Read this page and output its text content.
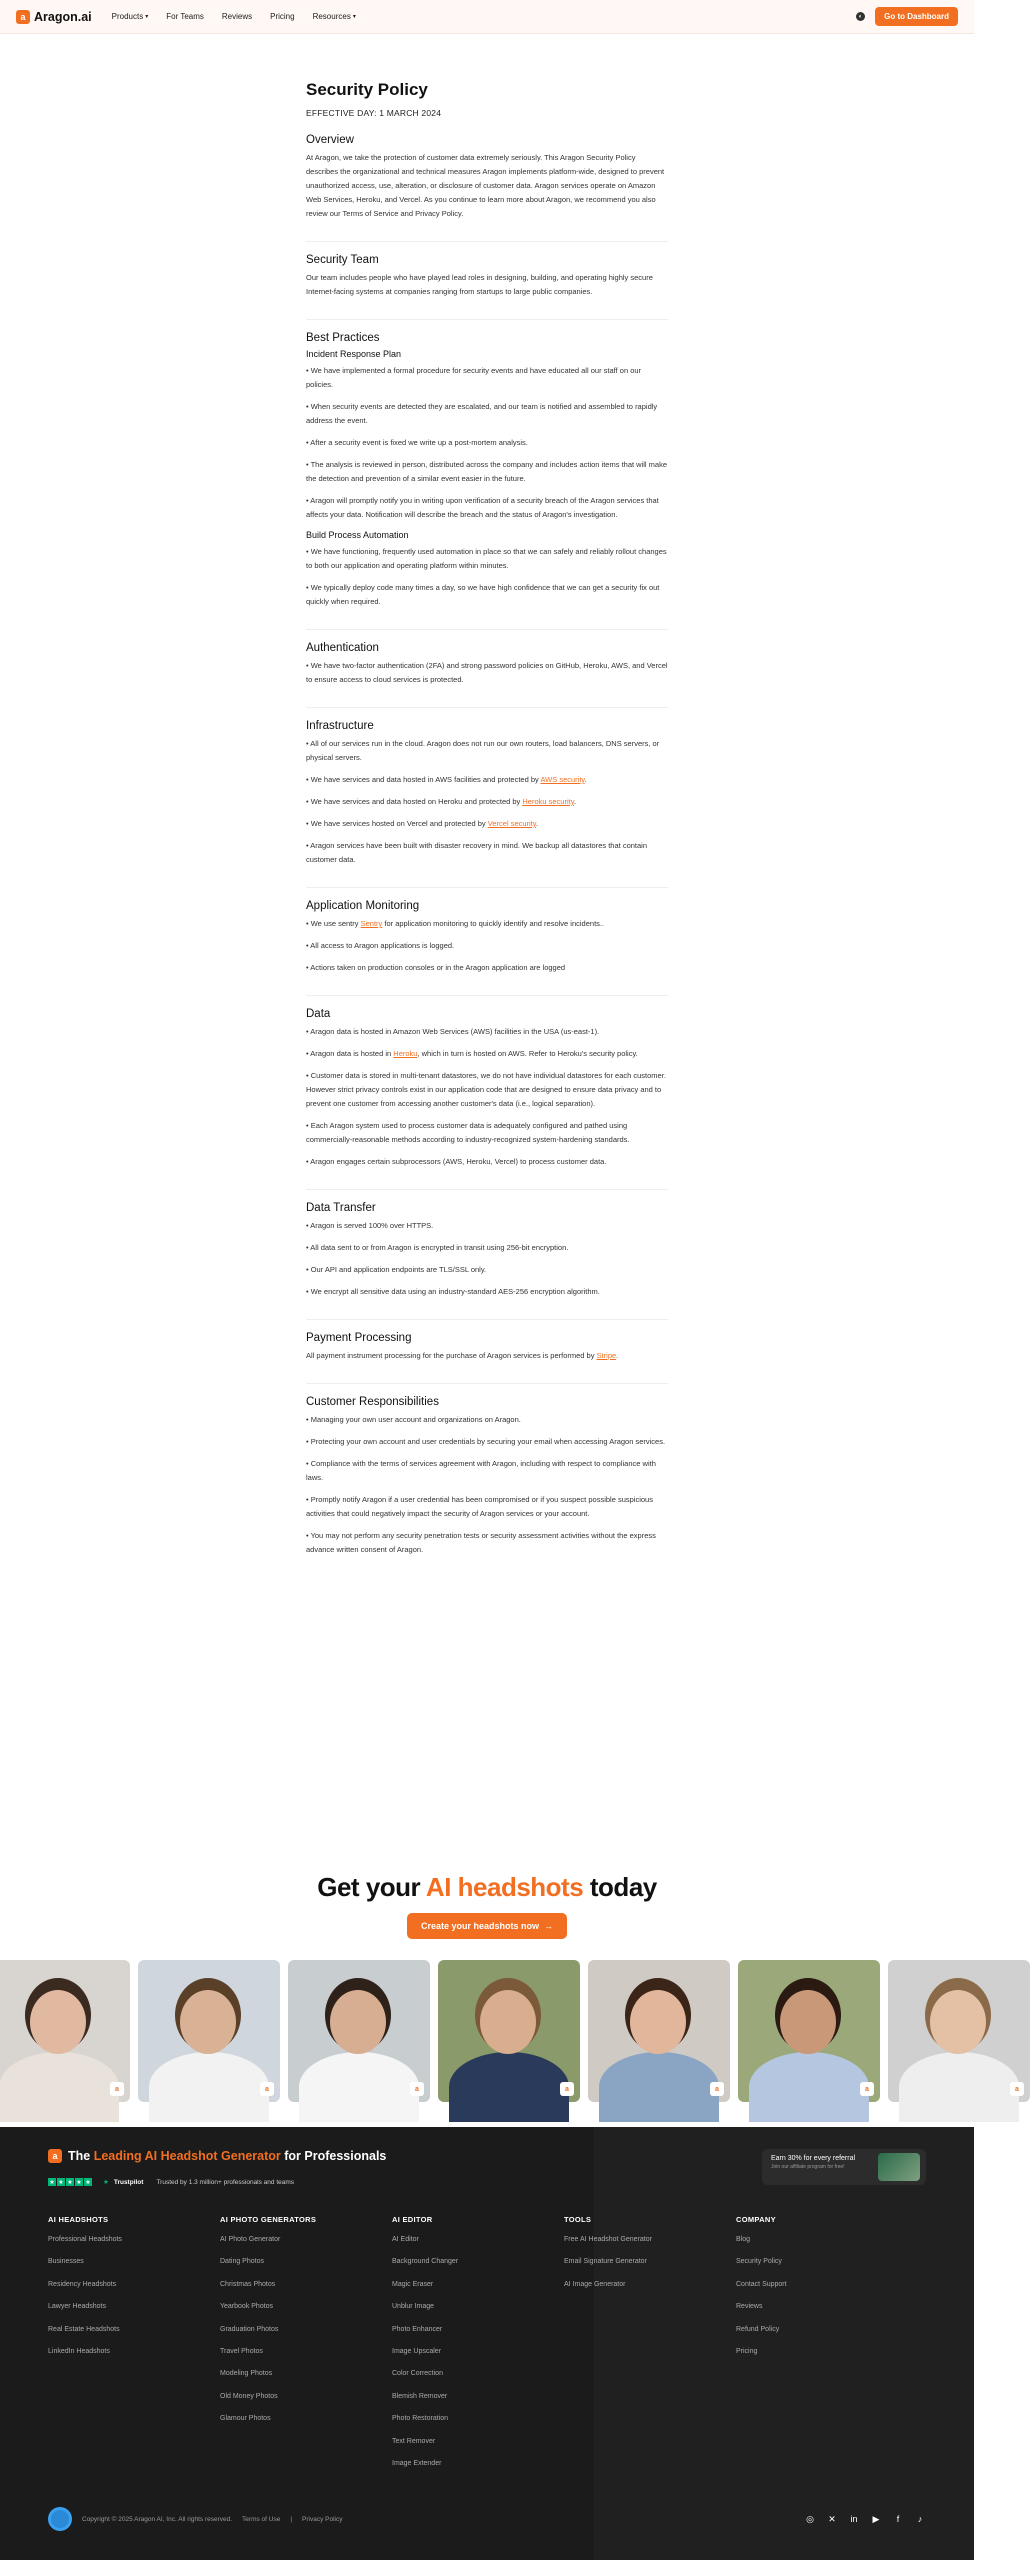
a Aragon.ai	Products ▾ For Teams Reviews Pricing Resources ▾	◐	Go to Dashboard
Security Policy
EFFECTIVE DAY: 1 MARCH 2024
Overview

At Aragon, we take the protection of customer data extremely seriously. This Aragon Security Policy describes the organizational and technical measures Aragon implements platform-wide, designed to prevent unauthorized access, use, alteration, or disclosure of customer data. Aragon services operate on Amazon Web Services, Heroku, and Vercel. As you continue to learn more about Aragon, we recommend you also review our Terms of Service and Privacy Policy.

Security Team

Our team includes people who have played lead roles in designing, building, and operating highly secure Internet-facing systems at companies ranging from startups to large public companies.

Best Practices
Incident Response Plan

• We have implemented a formal procedure for security events and have educated all our staff on our policies.

• When security events are detected they are escalated, and our team is notified and assembled to rapidly address the event.

• After a security event is fixed we write up a post-mortem analysis.

• The analysis is reviewed in person, distributed across the company and includes action items that will make the detection and prevention of a similar event easier in the future.

• Aragon will promptly notify you in writing upon verification of a security breach of the Aragon services that affects your data. Notification will describe the breach and the status of Aragon's investigation.

Build Process Automation

• We have functioning, frequently used automation in place so that we can safely and reliably rollout changes to both our application and operating platform within minutes.

• We typically deploy code many times a day, so we have high confidence that we can get a security fix out quickly when required.

Authentication

• We have two-factor authentication (2FA) and strong password policies on GitHub, Heroku, AWS, and Vercel to ensure access to cloud services is protected.

Infrastructure

• All of our services run in the cloud. Aragon does not run our own routers, load balancers, DNS servers, or physical servers.

• We have services and data hosted in AWS facilities and protected by AWS security.

• We have services and data hosted on Heroku and protected by Heroku security.

• We have services hosted on Vercel and protected by Vercel security.

• Aragon services have been built with disaster recovery in mind. We backup all datastores that contain customer data.

Application Monitoring

• We use sentry Sentry for application monitoring to quickly identify and resolve incidents..

• All access to Aragon applications is logged.

• Actions taken on production consoles or in the Aragon application are logged

Data

• Aragon data is hosted in Amazon Web Services (AWS) facilities in the USA (us-east-1).

• Aragon data is hosted in Heroku, which in turn is hosted on AWS. Refer to Heroku's security policy.

• Customer data is stored in multi-tenant datastores, we do not have individual datastores for each customer. However strict privacy controls exist in our application code that are designed to ensure data privacy and to prevent one customer from accessing another customer's data (i.e., logical separation).

• Each Aragon system used to process customer data is adequately configured and pathed using commercially-reasonable methods according to industry-recognized system-hardening standards.

• Aragon engages certain subprocessors (AWS, Heroku, Vercel) to process customer data.

Data Transfer

• Aragon is served 100% over HTTPS.

• All data sent to or from Aragon is encrypted in transit using 256-bit encryption.

• Our API and application endpoints are TLS/SSL only.

• We encrypt all sensitive data using an industry-standard AES-256 encryption algorithm.

Payment Processing

All payment instrument processing for the purchase of Aragon services is performed by Stripe.

Customer Responsibilities

• Managing your own user account and organizations on Aragon.

• Protecting your own account and user credentials by securing your email when accessing Aragon services.

• Compliance with the terms of services agreement with Aragon, including with respect to compliance with laws.

• Promptly notify Aragon if a user credential has been compromised or if you suspect possible suspicious activities that could negatively impact the security of Aragon services or your account.

• You may not perform any security penetration tests or security assessment activities without the express advance written consent of Aragon.

Get your AI headshots today
Create your headshots now →
a	a	a	a	a	a	a
a The Leading AI Headshot Generator for Professionals
★ ★ ★ ★ ★ ★ Trustpilot Trusted by 1.3 million+ professionals and teams
Earn 30% for every referral
Join our affiliate program for free!
AI HEADSHOTS
Professional Headshots
Businesses
Residency Headshots
Lawyer Headshots
Real Estate Headshots
LinkedIn Headshots
AI PHOTO GENERATORS
AI Photo Generator
Dating Photos
Christmas Photos
Yearbook Photos
Graduation Photos
Travel Photos
Modeling Photos
Old Money Photos
Glamour Photos
AI EDITOR
AI Editor
Background Changer
Magic Eraser
Unblur Image
Photo Enhancer
Image Upscaler
Color Correction
Blemish Remover
Photo Restoration
Text Remover
Image Extender
TOOLS
Free AI Headshot Generator
Email Signature Generator
AI Image Generator
COMPANY
Blog
Security Policy
Contact Support
Reviews
Refund Policy
Pricing
Copyright © 2025 Aragon AI, Inc. All rights reserved. Terms of Use | Privacy Policy	◎ ✕ in ▶	f	♪
